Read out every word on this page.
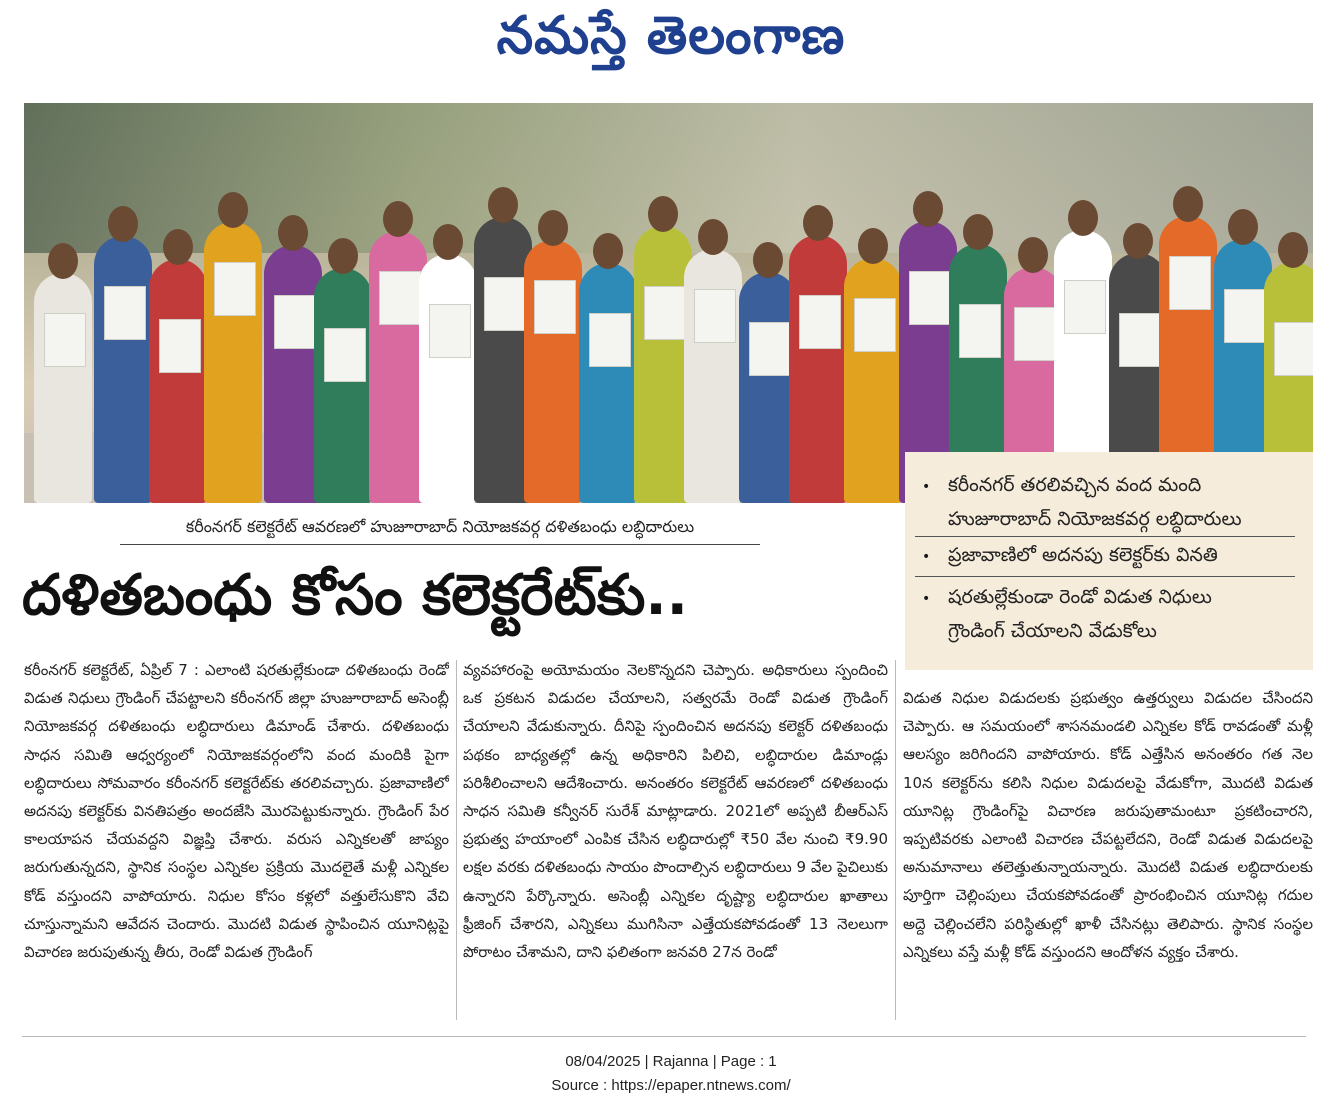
నమస్తే తెలంగాణ
• కరీంనగర్ తరలివచ్చిన వంద మంది
హుజూరాబాద్ నియోజకవర్గ లబ్ధిదారులు
• ప్రజావాణిలో అదనపు కలెక్టర్‌కు వినతి
• షరతుల్లేకుండా రెండో విడుత నిధులు
గ్రౌండింగ్ చేయాలని వేడుకోలు
కరీంనగర్ కలెక్టరేట్ ఆవరణలో హుజూరాబాద్ నియోజకవర్గ దళితబంధు లబ్ధిదారులు
దళితబంధు కోసం కలెక్టరేట్‌కు..

కరీంనగర్ కలెక్టరేట్, ఏప్రిల్ 7 : ఎలాంటి షరతుల్లేకుండా దళితబంధు రెండో విడుత నిధులు గ్రౌండింగ్ చేపట్టాలని కరీంనగర్ జిల్లా హుజూరాబాద్ అసెంబ్లీ నియోజకవర్గ దళితబంధు లబ్ధిదారులు డిమాండ్ చేశారు. దళితబంధు సాధన సమితి ఆధ్వర్యంలో నియోజకవర్గంలోని వంద మందికి పైగా లబ్ధిదారులు సోమవారం కరీంనగర్ కలెక్టరేట్‌కు తరలివచ్చారు. ప్రజావాణిలో అదనపు కలెక్టర్‌కు వినతిపత్రం అందజేసి మొరపెట్టుకున్నారు. గ్రౌండింగ్ పేర కాలయాపన చేయవద్దని విజ్ఞప్తి చేశారు. వరుస ఎన్నికలతో జాప్యం జరుగుతున్నదని, స్థానిక సంస్థల ఎన్నికల ప్రక్రియ మొదలైతే మళ్లీ ఎన్నికల కోడ్ వస్తుందని వాపోయారు. నిధుల కోసం కళ్లలో వత్తులేసుకొని వేచి చూస్తున్నామని ఆవేదన చెందారు. మొదటి విడుత స్థాపించిన యూనిట్లపై విచారణ జరుపుతున్న తీరు, రెండో విడుత గ్రౌండింగ్

వ్యవహారంపై అయోమయం నెలకొన్నదని చెప్పారు. అధికారులు స్పందించి ఒక ప్రకటన విడుదల చేయాలని, సత్వరమే రెండో విడుత గ్రౌండింగ్ చేయాలని వేడుకున్నారు. దీనిపై స్పందించిన అదనపు కలెక్టర్ దళితబంధు పథకం బాధ్యతల్లో ఉన్న అధికారిని పిలిచి, లబ్ధిదారుల డిమాండ్లు పరిశీలించాలని ఆదేశించారు. అనంతరం కలెక్టరేట్ ఆవరణలో దళితబంధు సాధన సమితి కన్వీనర్ సురేశ్ మాట్లాడారు. 2021లో అప్పటి బీఆర్‌ఎస్ ప్రభుత్వ హయాంలో ఎంపిక చేసిన లబ్ధిదారుల్లో ₹50 వేల నుంచి ₹9.90 లక్షల వరకు దళితబంధు సాయం పొందాల్సిన లబ్ధిదారులు 9 వేల పైచిలుకు ఉన్నారని పేర్కొన్నారు. అసెంబ్లీ ఎన్నికల దృష్ట్యా లబ్ధిదారుల ఖాతాలు ఫ్రీజింగ్ చేశారని, ఎన్నికలు ముగిసినా ఎత్తేయకపోవడంతో 13 నెలలుగా పోరాటం చేశామని, దాని ఫలితంగా జనవరి 27న రెండో

విడుత నిధుల విడుదలకు ప్రభుత్వం ఉత్తర్వులు విడుదల చేసిందని చెప్పారు. ఆ సమయంలో శాసనమండలి ఎన్నికల కోడ్ రావడంతో మళ్లీ ఆలస్యం జరిగిందని వాపోయారు. కోడ్ ఎత్తేసిన అనంతరం గత నెల 10న కలెక్టర్‌ను కలిసి నిధుల విడుదలపై వేడుకోగా, మొదటి విడుత యూనిట్ల గ్రౌండింగ్‌పై విచారణ జరుపుతామంటూ ప్రకటించారని, ఇప్పటివరకు ఎలాంటి విచారణ చేపట్టలేదని, రెండో విడుత విడుదలపై అనుమానాలు తలెత్తుతున్నాయన్నారు. మొదటి విడుత లబ్ధిదారులకు పూర్తిగా చెల్లింపులు చేయకపోవడంతో ప్రారంభించిన యూనిట్ల గదుల అద్దె చెల్లించలేని పరిస్థితుల్లో ఖాళీ చేసినట్లు తెలిపారు. స్థానిక సంస్థల ఎన్నికలు వస్తే మళ్లీ కోడ్ వస్తుందని ఆందోళన వ్యక్తం చేశారు.

08/04/2025 | Rajanna | Page : 1
Source : https://epaper.ntnews.com/
